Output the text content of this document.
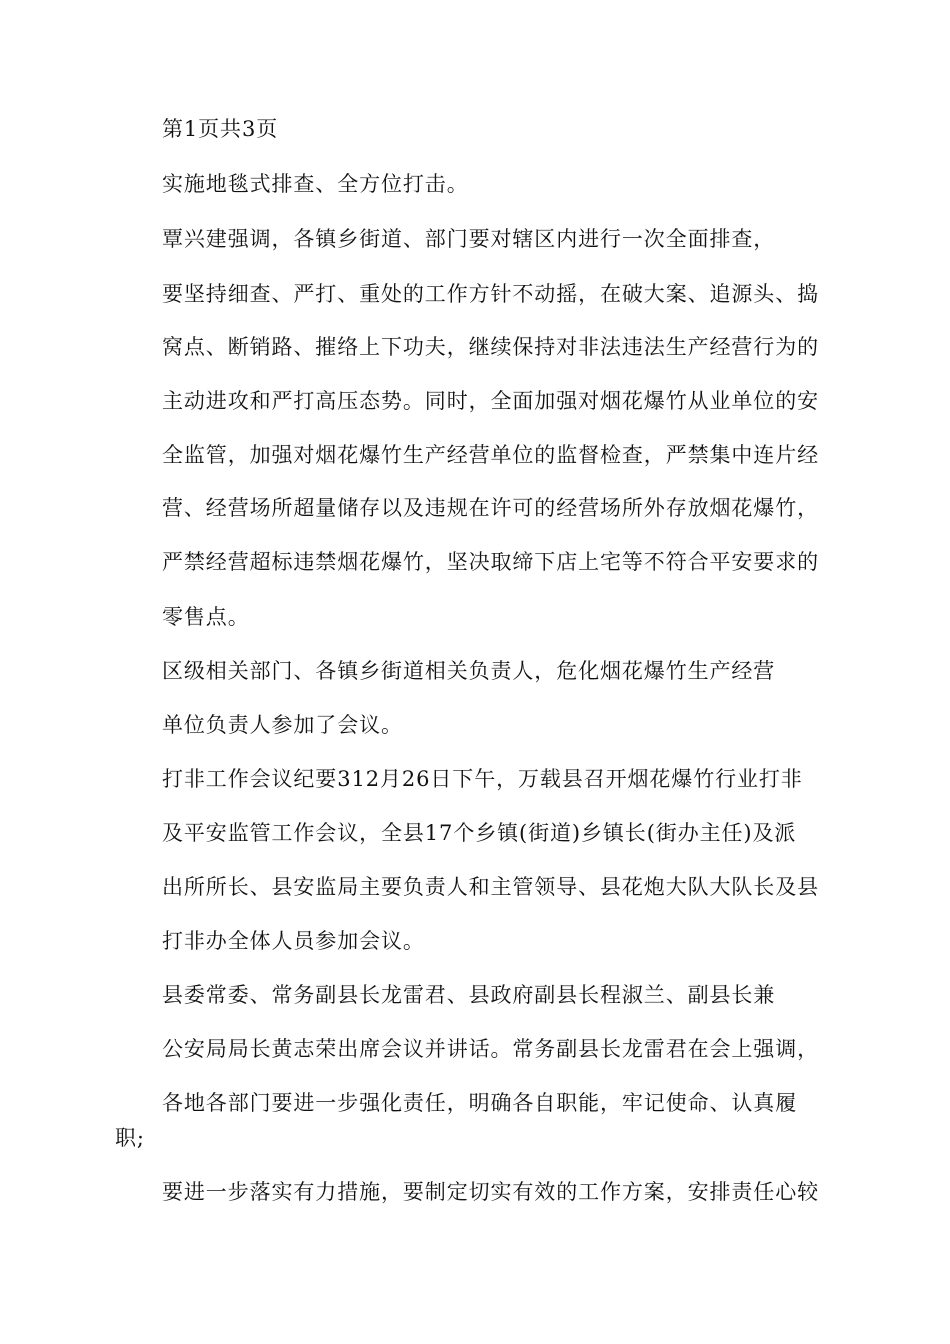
第1页共3页

实施地毯式排查、全方位打击。

覃兴建强调，各镇乡街道、部门要对辖区内进行一次全面排查，

要坚持细查、严打、重处的工作方针不动摇，在破大案、追源头、捣

窝点、断销路、摧络上下功夫，继续保持对非法违法生产经营行为的

主动进攻和严打高压态势。同时，全面加强对烟花爆竹从业单位的安

全监管，加强对烟花爆竹生产经营单位的监督检查，严禁集中连片经

营、经营场所超量储存以及违规在许可的经营场所外存放烟花爆竹，

严禁经营超标违禁烟花爆竹，坚决取缔下店上宅等不符合平安要求的

零售点。

区级相关部门、各镇乡街道相关负责人，危化烟花爆竹生产经营

单位负责人参加了会议。

打非工作会议纪要312月26日下午，万载县召开烟花爆竹行业打非

及平安监管工作会议，全县17个乡镇(街道)乡镇长(街办主任)及派

出所所长、县安监局主要负责人和主管领导、县花炮大队大队长及县

打非办全体人员参加会议。

县委常委、常务副县长龙雷君、县政府副县长程淑兰、副县长兼

公安局局长黄志荣出席会议并讲话。常务副县长龙雷君在会上强调，

各地各部门要进一步强化责任，明确各自职能，牢记使命、认真履

职;

要进一步落实有力措施，要制定切实有效的工作方案，安排责任心较
